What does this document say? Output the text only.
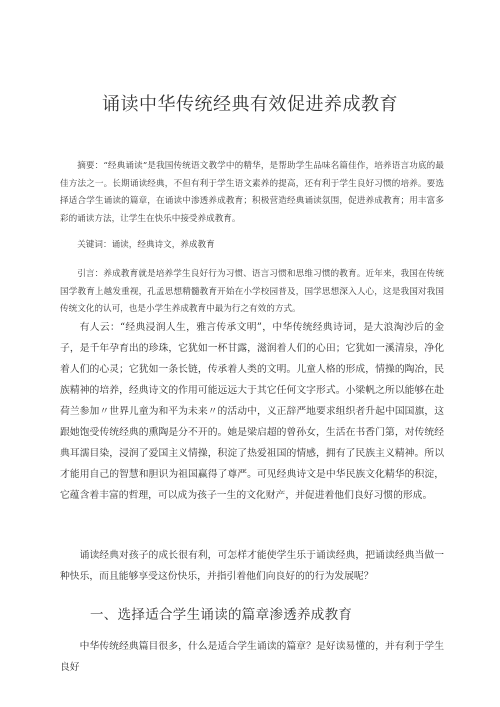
诵读中华传统经典有效促进养成教育

摘要：“经典诵读”是我国传统语文教学中的精华，是帮助学生品味名篇佳作，培养语言功底的最佳方法之一。长期诵读经典，不但有利于学生语文素养的提高，还有利于学生良好习惯的培养。要选择适合学生诵读的篇章，在诵读中渗透养成教育；积极营造经典诵读氛围，促进养成教育；用丰富多彩的诵读方法，让学生在快乐中接受养成教育。

关键词：诵读，经典诗文，养成教育

引言：养成教育就是培养学生良好行为习惯、语言习惯和思维习惯的教育。近年来，我国在传统国学教育上越发重视，孔孟思想精髓教育开始在小学校园普及，国学思想深入人心，这是我国对我国传统文化的认可，也是小学生养成教育中最为行之有效的方式。

有人云：“经典浸润人生，雅言传承文明”，中华传统经典诗词，是大浪淘沙后的金子，是千年孕育出的珍珠，它犹如一杯甘露，滋润着人们的心田；它犹如一溪清泉，净化着人们的心灵；它犹如一条长链，传承着人类的文明。儿童人格的形成，情操的陶冶，民族精神的培养，经典诗文的作用可能远远大于其它任何文字形式。小梁帆之所以能够在赴荷兰参加〃世界儿童为和平为未来〃的活动中，义正辞严地要求组织者升起中国国旗，这跟她饱受传统经典的熏陶是分不开的。她是梁启超的曾孙女，生活在书香门第，对传统经典耳濡目染，浸润了爱国主义情操，积淀了热爱祖国的情感，拥有了民族主义精神。所以才能用自己的智慧和胆识为祖国赢得了尊严。可见经典诗文是中华民族文化精华的积淀，它蕴含着丰富的哲理，可以成为孩子一生的文化财产，并促进着他们良好习惯的形成。

诵读经典对孩子的成长很有利，可怎样才能使学生乐于诵读经典，把诵读经典当做一种快乐，而且能够享受这份快乐，并指引着他们向良好的的行为发展呢？

一、选择适合学生诵读的篇章渗透养成教育

中华传统经典篇目很多，什么是适合学生诵读的篇章？是好读易懂的，并有利于学生良好
